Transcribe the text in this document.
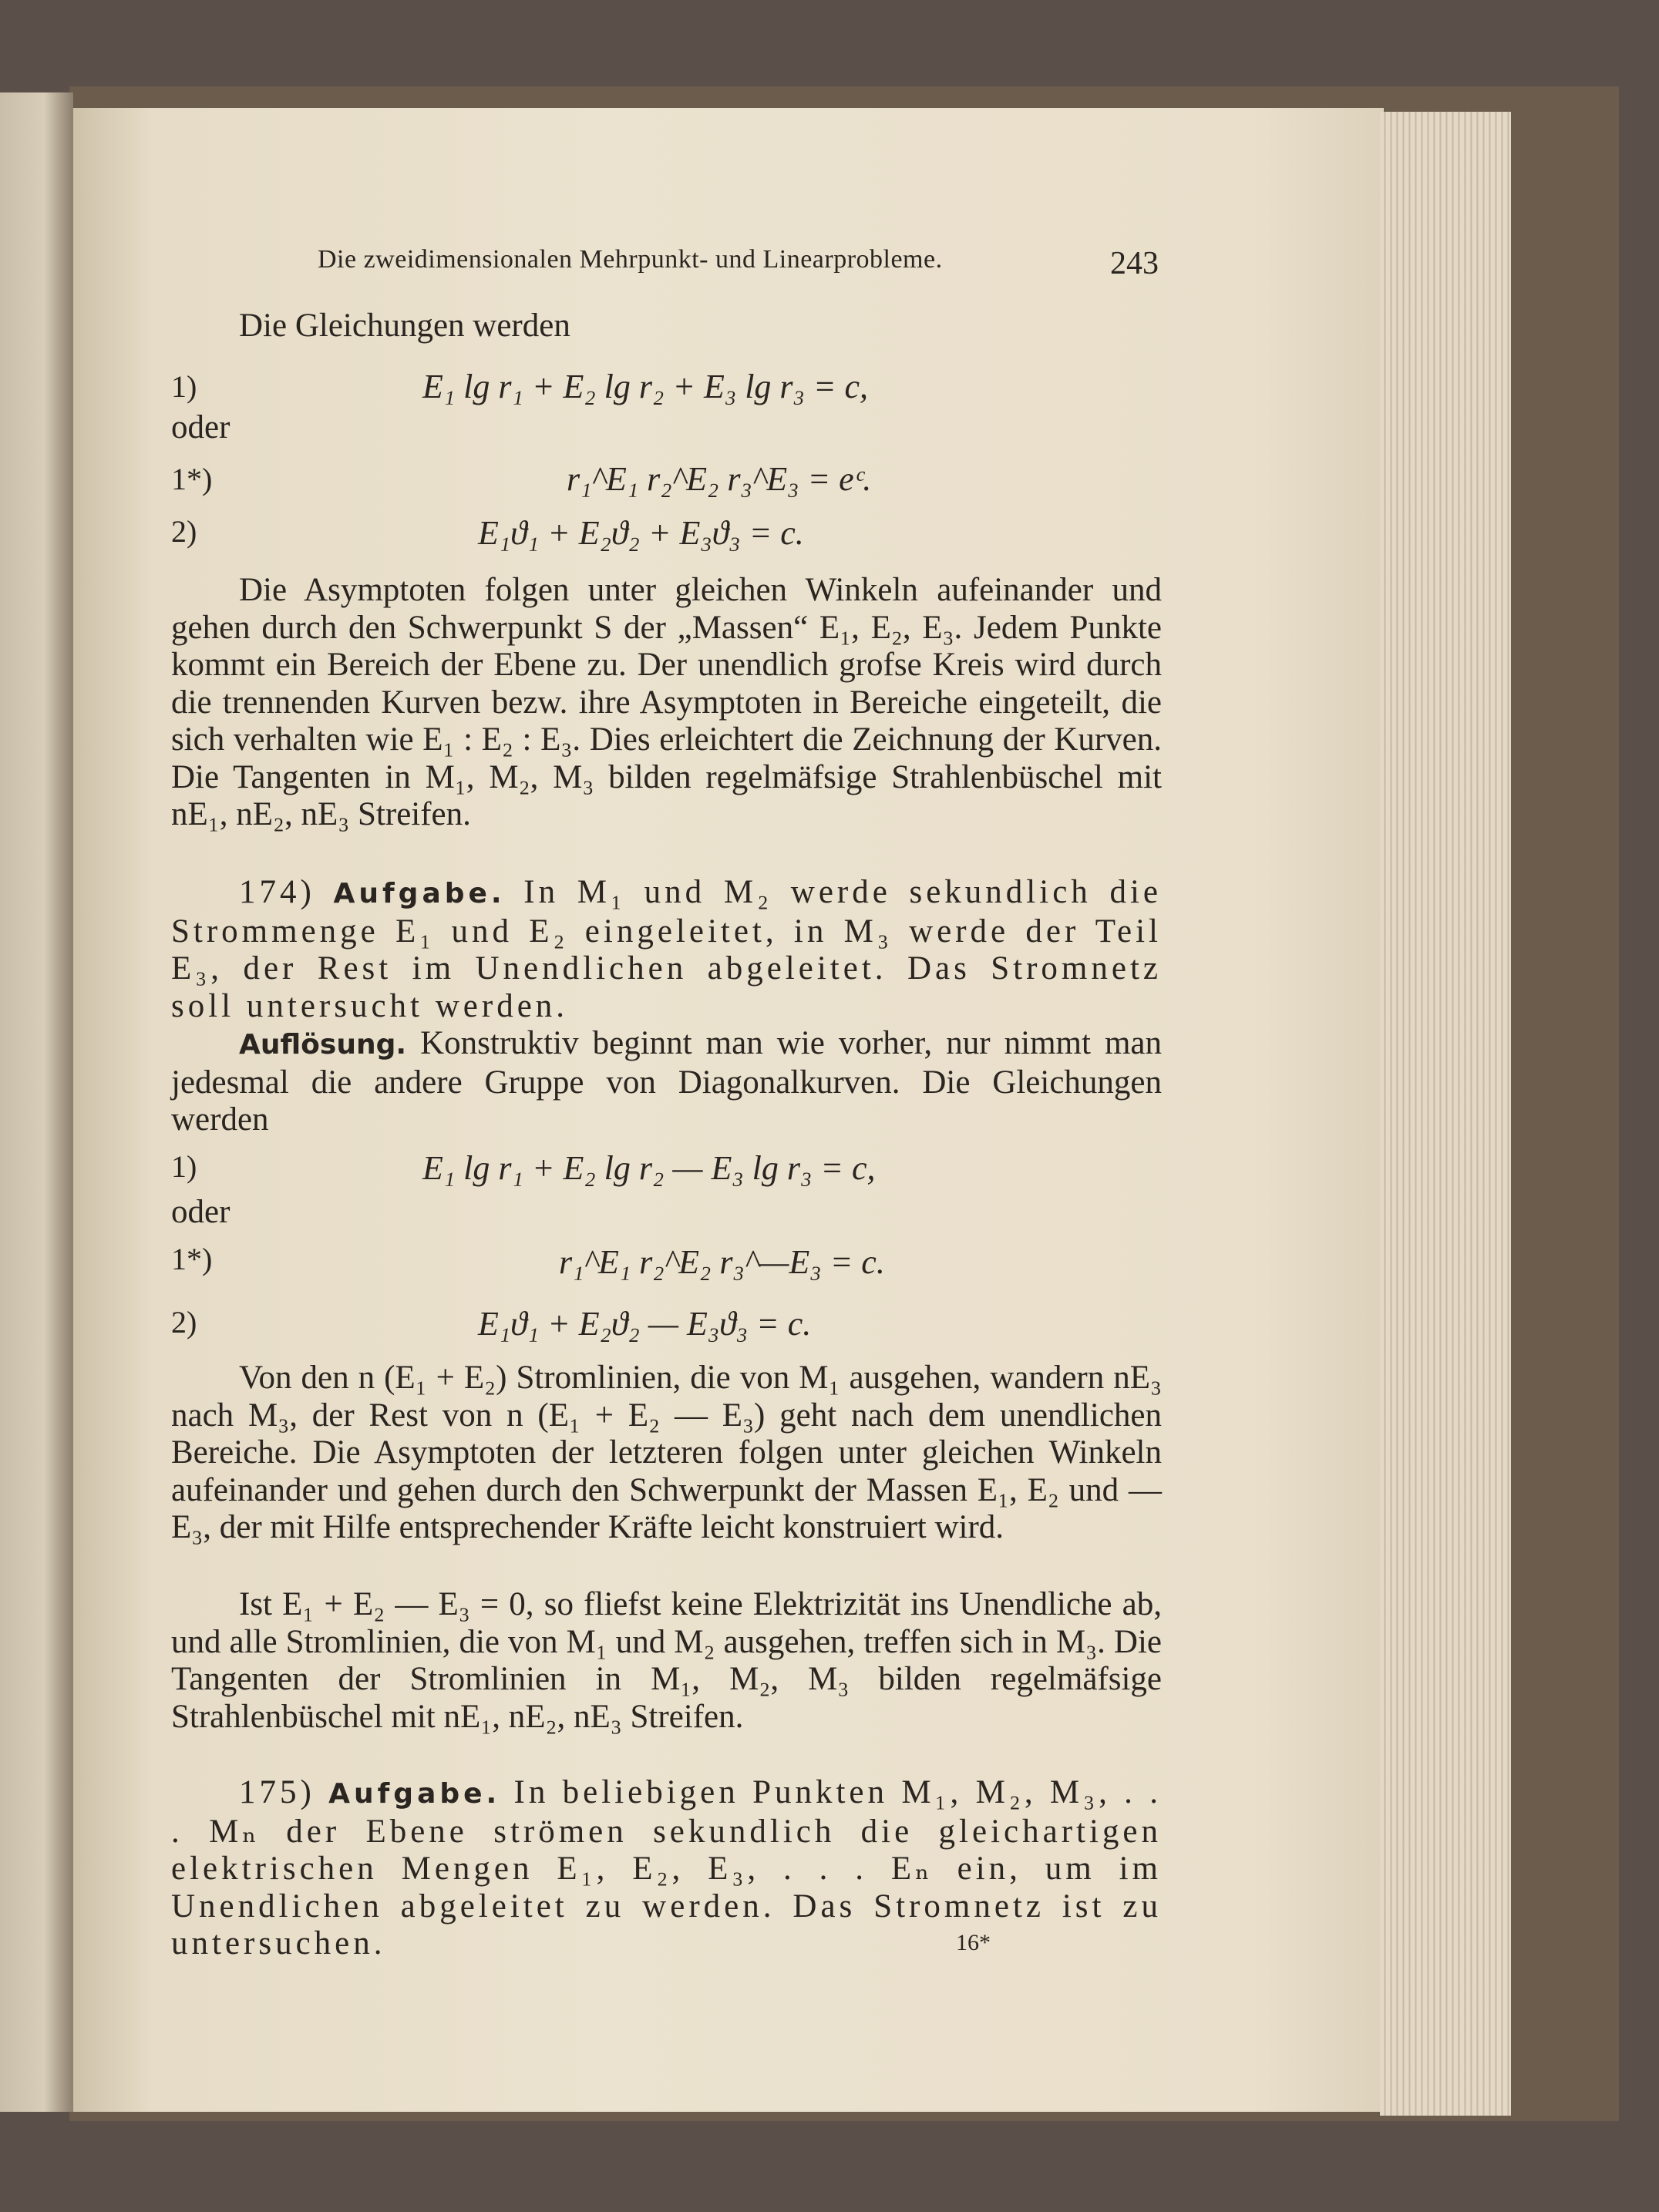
Die zweidimensionalen Mehrpunkt- und Linearprobleme.	243
Die Gleichungen werden
1)	E₁ lg r₁ + E₂ lg r₂ + E₃ lg r₃ = c,
oder
1*)	r₁^E₁ r₂^E₂ r₃^E₃ = eᶜ.
2)	E₁ϑ₁ + E₂ϑ₂ + E₃ϑ₃ = c.
Die Asymptoten folgen unter gleichen Winkeln aufeinander und gehen durch den Schwerpunkt S der „Massen“ E₁, E₂, E₃. Jedem Punkte kommt ein Bereich der Ebene zu. Der unendlich grofse Kreis wird durch die trennenden Kurven bezw. ihre Asymptoten in Bereiche eingeteilt, die sich verhalten wie E₁ : E₂ : E₃. Dies erleichtert die Zeichnung der Kurven. Die Tangenten in M₁, M₂, M₃ bilden regelmäfsige Strahlenbüschel mit nE₁, nE₂, nE₃ Streifen.
174) Aufgabe. In M₁ und M₂ werde sekundlich die Strommenge E₁ und E₂ eingeleitet, in M₃ werde der Teil E₃, der Rest im Unendlichen abgeleitet. Das Stromnetz soll untersucht werden.
Auflösung. Konstruktiv beginnt man wie vorher, nur nimmt man jedesmal die andere Gruppe von Diagonalkurven. Die Gleichungen werden
1)	E₁ lg r₁ + E₂ lg r₂ — E₃ lg r₃ = c,
oder
1*)	r₁^E₁ r₂^E₂ r₃^—E₃ = c.
2)	E₁ϑ₁ + E₂ϑ₂ — E₃ϑ₃ = c.
Von den n (E₁ + E₂) Stromlinien, die von M₁ ausgehen, wandern nE₃ nach M₃, der Rest von n (E₁ + E₂ — E₃) geht nach dem unendlichen Bereiche. Die Asymptoten der letzteren folgen unter gleichen Winkeln aufeinander und gehen durch den Schwerpunkt der Massen E₁, E₂ und — E₃, der mit Hilfe entsprechender Kräfte leicht konstruiert wird.
Ist E₁ + E₂ — E₃ = 0, so fliefst keine Elektrizität ins Unendliche ab, und alle Stromlinien, die von M₁ und M₂ ausgehen, treffen sich in M₃. Die Tangenten der Stromlinien in M₁, M₂, M₃ bilden regelmäfsige Strahlenbüschel mit nE₁, nE₂, nE₃ Streifen.
175) Aufgabe. In beliebigen Punkten M₁, M₂, M₃, . . . Mₙ der Ebene strömen sekundlich die gleichartigen elektrischen Mengen E₁, E₂, E₃, . . . Eₙ ein, um im Unendlichen abgeleitet zu werden. Das Stromnetz ist zu untersuchen.	16*
